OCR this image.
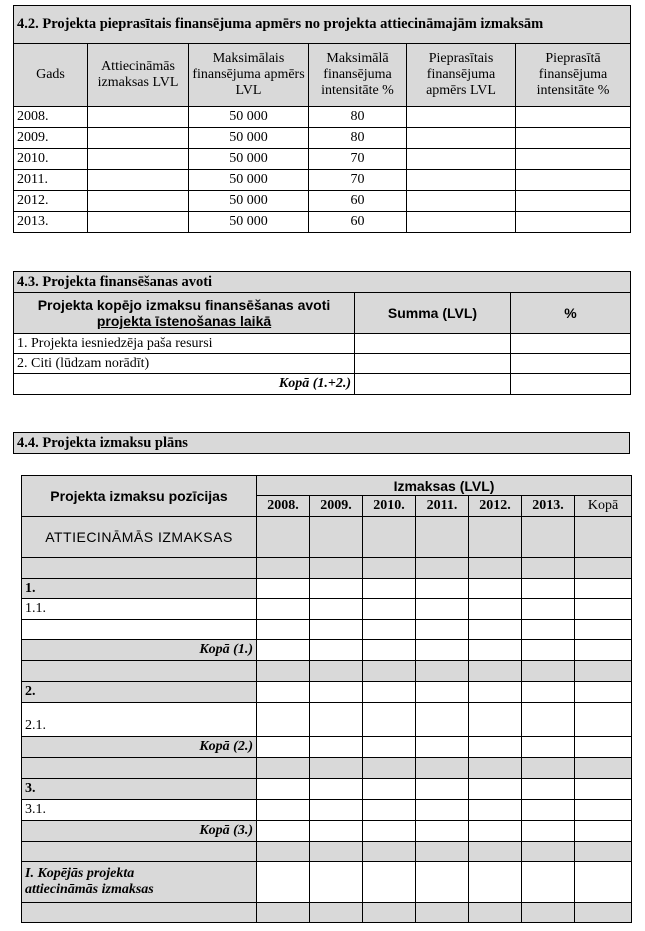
4.2. Projekta pieprasītais finansējuma apmērs no projekta attiecināmajām izmaksām					
Gads	Attiecināmās izmaksas LVL	Maksimālais finansējuma apmērs LVL	Maksimālā finansējuma intensitāte %	Pieprasītais finansējuma apmērs LVL	Pieprasītā finansējuma intensitāte %
2008.		50 000	80		
2009.		50 000	80		
2010.		50 000	70		
2011.		50 000	70		
2012.		50 000	60		
2013.		50 000	60		
4.3. Projekta finansēšanas avoti		

Projekta kopējo izmaksu finansēšanas avoti
projekta īstenošanas laikā	Summa (LVL)	%
1. Projekta iesniedzēja paša resursi		
2. Citi (lūdzam norādīt)		
Kopā (1.+2.)		
4.4. Projekta izmaksu plāns
Projekta izmaksu pozīcijas	Izmaksas (LVL)						
	2008.	2009.	2010.	2011.	2012.	2013.	Kopā
ATTIECINĀMĀS IZMAKSAS							

1.							
1.1.							

Kopā (1.)							

2.							
2.1.							
Kopā (2.)							

3.							
3.1.							
Kopā (3.)							

I. Kopējās projekta
attiecināmās izmaksas							
